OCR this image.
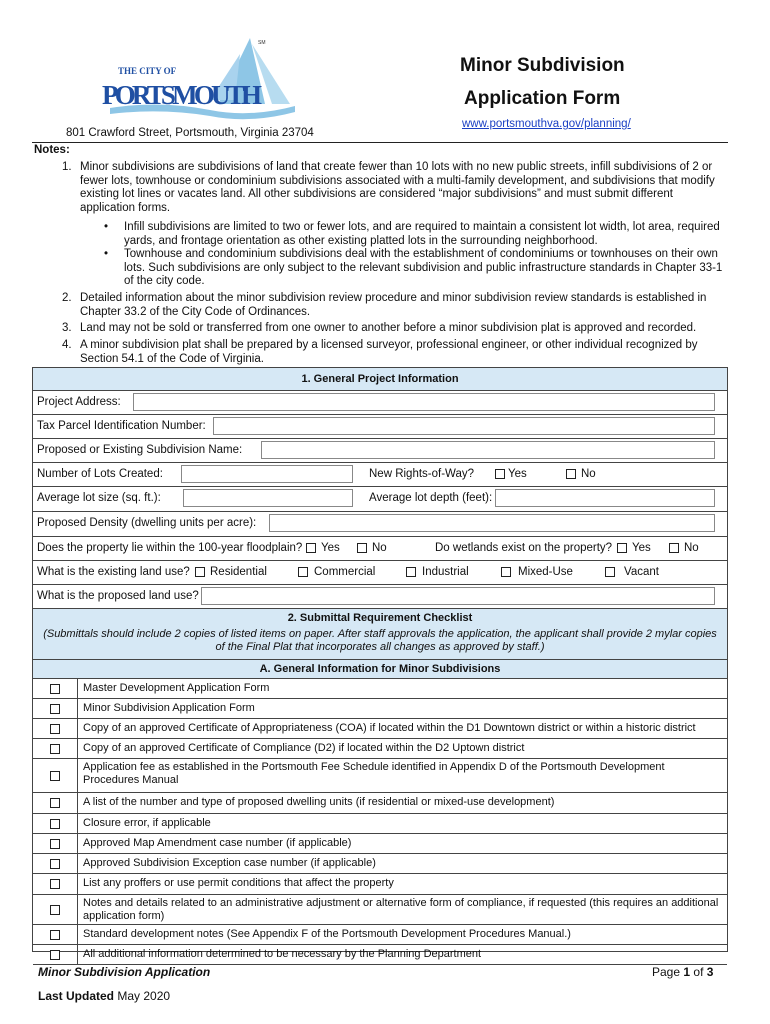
SM
THE CITY OF
PORTSMOUTH
Minor Subdivision
Application Form
www.portsmouthva.gov/planning/
801 Crawford Street, Portsmouth, Virginia 23704
Notes:
1. Minor subdivisions are subdivisions of land that create fewer than 10 lots with no new public streets, infill subdivisions of 2 or fewer lots, townhouse or condominium subdivisions associated with a multi-family development, and subdivisions that modify existing lot lines or vacates land. All other subdivisions are considered “major subdivisions” and must submit different application forms.
• Infill subdivisions are limited to two or fewer lots, and are required to maintain a consistent lot width, lot area, required yards, and frontage orientation as other existing platted lots in the surrounding neighborhood.
• Townhouse and condominium subdivisions deal with the establishment of condominiums or townhouses on their own lots. Such subdivisions are only subject to the relevant subdivision and public infrastructure standards in Chapter 33-1 of the city code.
2. Detailed information about the minor subdivision review procedure and minor subdivision review standards is established in Chapter 33.2 of the City Code of Ordinances.
3. Land may not be sold or transferred from one owner to another before a minor subdivision plat is approved and recorded.
4. A minor subdivision plat shall be prepared by a licensed surveyor, professional engineer, or other individual recognized by Section 54.1 of the Code of Virginia.
1. General Project Information
Project Address:
Tax Parcel Identification Number:
Proposed or Existing Subdivision Name:
Number of Lots Created:	New Rights-of-Way?	Yes	No
Average lot size (sq. ft.):	Average lot depth (feet):
Proposed Density (dwelling units per acre):
Does the property lie within the 100-year floodplain? Yes	No	Do wetlands exist on the property? Yes	No
What is the existing land use? Residential	Commercial	Industrial	Mixed-Use	Vacant
What is the proposed land use?
2. Submittal Requirement Checklist
(Submittals should include 2 copies of listed items on paper. After staff approvals the application, the applicant shall provide 2 mylar copies of the Final Plat that incorporates all changes as approved by staff.)
A. General Information for Minor Subdivisions
Master Development Application Form
Minor Subdivision Application Form
Copy of an approved Certificate of Appropriateness (COA) if located within the D1 Downtown district or within a historic district
Copy of an approved Certificate of Compliance (D2) if located within the D2 Uptown district
Application fee as established in the Portsmouth Fee Schedule identified in Appendix D of the Portsmouth Development Procedures Manual
A list of the number and type of proposed dwelling units (if residential or mixed-use development)
Closure error, if applicable
Approved Map Amendment case number (if applicable)
Approved Subdivision Exception case number (if applicable)
List any proffers or use permit conditions that affect the property
Notes and details related to an administrative adjustment or alternative form of compliance, if requested (this requires an additional application form)
Standard development notes (See Appendix F of the Portsmouth Development Procedures Manual.)
All additional information determined to be necessary by the Planning Department
Minor Subdivision Application
Last Updated May 2020
Page 1 of 3
